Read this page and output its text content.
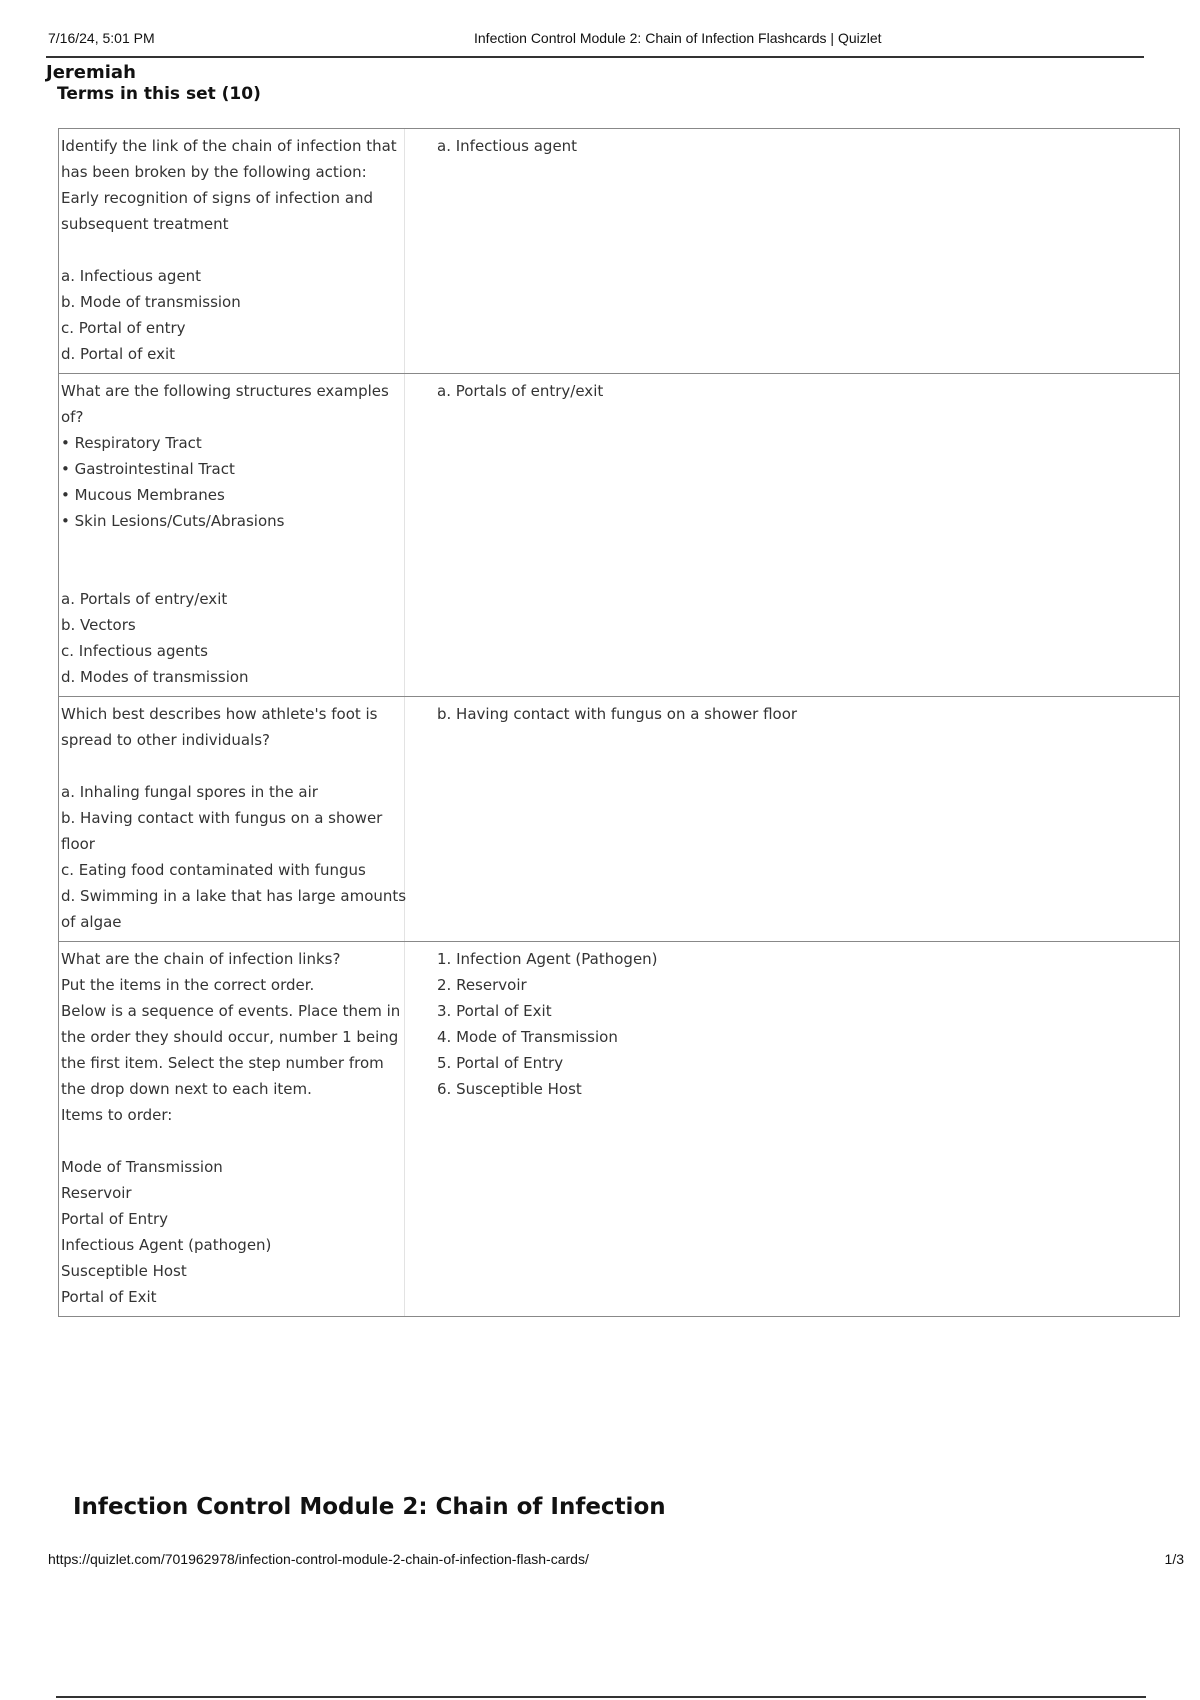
7/16/24, 5:01 PM	Infection Control Module 2: Chain of Infection Flashcards | Quizlet
Jeremiah
Terms in this set (10)
Identify the link of the chain of infection that
has been broken by the following action:
Early recognition of signs of infection and
subsequent treatment
a. Infectious agent
b. Mode of transmission
c. Portal of entry
d. Portal of exit
a. Infectious agent
What are the following structures examples
of?
• Respiratory Tract
• Gastrointestinal Tract
• Mucous Membranes
• Skin Lesions/Cuts/Abrasions
a. Portals of entry/exit
b. Vectors
c. Infectious agents
d. Modes of transmission
a. Portals of entry/exit
Which best describes how athlete's foot is
spread to other individuals?
a. Inhaling fungal spores in the air
b. Having contact with fungus on a shower
floor
c. Eating food contaminated with fungus
d. Swimming in a lake that has large amounts
of algae
b. Having contact with fungus on a shower floor
What are the chain of infection links?
Put the items in the correct order.
Below is a sequence of events. Place them in
the order they should occur, number 1 being
the first item. Select the step number from
the drop down next to each item.
Items to order:
Mode of Transmission
Reservoir
Portal of Entry
Infectious Agent (pathogen)
Susceptible Host
Portal of Exit
1. Infection Agent (Pathogen)
2. Reservoir
3. Portal of Exit
4. Mode of Transmission
5. Portal of Entry
6. Susceptible Host
Infection Control Module 2: Chain of Infection
https://quizlet.com/701962978/infection-control-module-2-chain-of-infection-flash-cards/	1/3
